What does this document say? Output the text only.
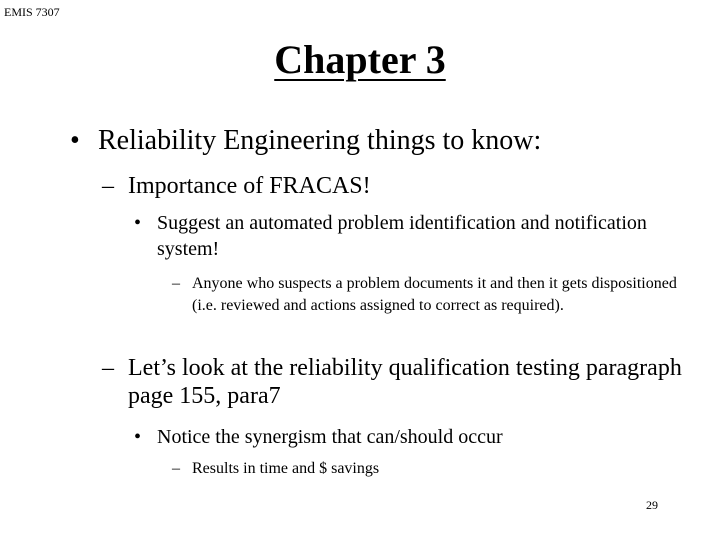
EMIS 7307
Chapter 3
• Reliability Engineering things to know:
– Importance of FRACAS!
• Suggest an automated problem identification and notification system!
– Anyone who suspects a problem documents it and then it gets dispositioned (i.e. reviewed and actions assigned to correct as required).
– Let’s look at the reliability qualification testing paragraph page 155, para7
• Notice the synergism that can/should occur
– Results in time and $ savings
29
